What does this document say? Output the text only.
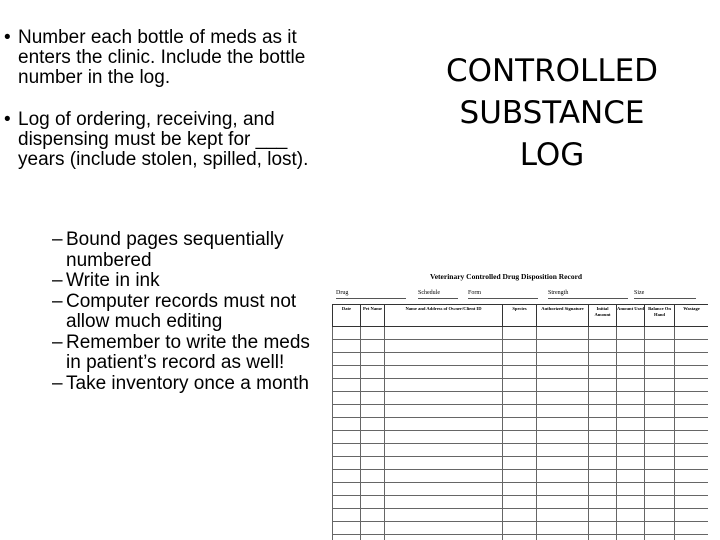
• Number each bottle of meds as it enters the clinic. Include the bottle number in the log.
• Log of ordering, receiving, and dispensing must be kept for ___ years (include stolen, spilled, lost).
– Bound pages sequentially numbered
– Write in ink
– Computer records must not allow much editing
– Remember to write the meds in patient’s record as well!
– Take inventory once a month
CONTROLLED
SUBSTANCE
LOG
Veterinary Controlled Drug Disposition Record
Drug	Schedule	Form	Strength	Size
Date	Pet Name	Name and Address of Owner/Client ID	Species	Authorized Signature	Initial Amount	Amount Used	Balance On Hand	Wastage
